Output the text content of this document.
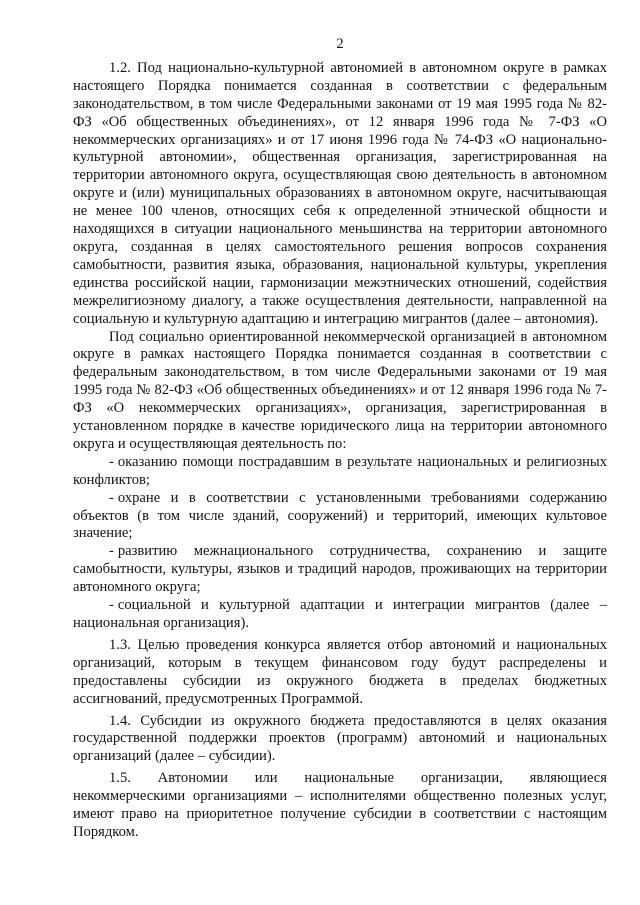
2

1.2. Под национально-культурной автономией в автономном округе в рамках настоящего Порядка понимается созданная в соответствии с федеральным законодательством, в том числе Федеральными законами от 19 мая 1995 года № 82-ФЗ «Об общественных объединениях», от 12 января 1996 года № 7-ФЗ «О некоммерческих организациях» и от 17 июня 1996 года № 74-ФЗ «О национально-культурной автономии», общественная организация, зарегистрированная на территории автономного округа, осуществляющая свою деятельность в автономном округе и (или) муниципальных образованиях в автономном округе, насчитывающая не менее 100 членов, относящих себя к определенной этнической общности и находящихся в ситуации национального меньшинства на территории автономного округа, созданная в целях самостоятельного решения вопросов сохранения самобытности, развития языка, образования, национальной культуры, укрепления единства российской нации, гармонизации межэтнических отношений, содействия межрелигиозному диалогу, а также осуществления деятельности, направленной на социальную и культурную адаптацию и интеграцию мигрантов (далее – автономия).

Под социально ориентированной некоммерческой организацией в автономном округе в рамках настоящего Порядка понимается созданная в соответствии с федеральным законодательством, в том числе Федеральными законами от 19 мая 1995 года № 82-ФЗ «Об общественных объединениях» и от 12 января 1996 года № 7-ФЗ «О некоммерческих организациях», организация, зарегистрированная в установленном порядке в качестве юридического лица на территории автономного округа и осуществляющая деятельность по:

- оказанию помощи пострадавшим в результате национальных и религиозных конфликтов;

- охране и в соответствии с установленными требованиями содержанию объектов (в том числе зданий, сооружений) и территорий, имеющих культовое значение;

- развитию межнационального сотрудничества, сохранению и защите самобытности, культуры, языков и традиций народов, проживающих на территории автономного округа;

- социальной и культурной адаптации и интеграции мигрантов (далее – национальная организация).

1.3. Целью проведения конкурса является отбор автономий и национальных организаций, которым в текущем финансовом году будут распределены и предоставлены субсидии из окружного бюджета в пределах бюджетных ассигнований, предусмотренных Программой.

1.4. Субсидии из окружного бюджета предоставляются в целях оказания государственной поддержки проектов (программ) автономий и национальных организаций (далее – субсидии).

1.5. Автономии или национальные организации, являющиеся некоммерческими организациями – исполнителями общественно полезных услуг, имеют право на приоритетное получение субсидии в соответствии с настоящим Порядком.
